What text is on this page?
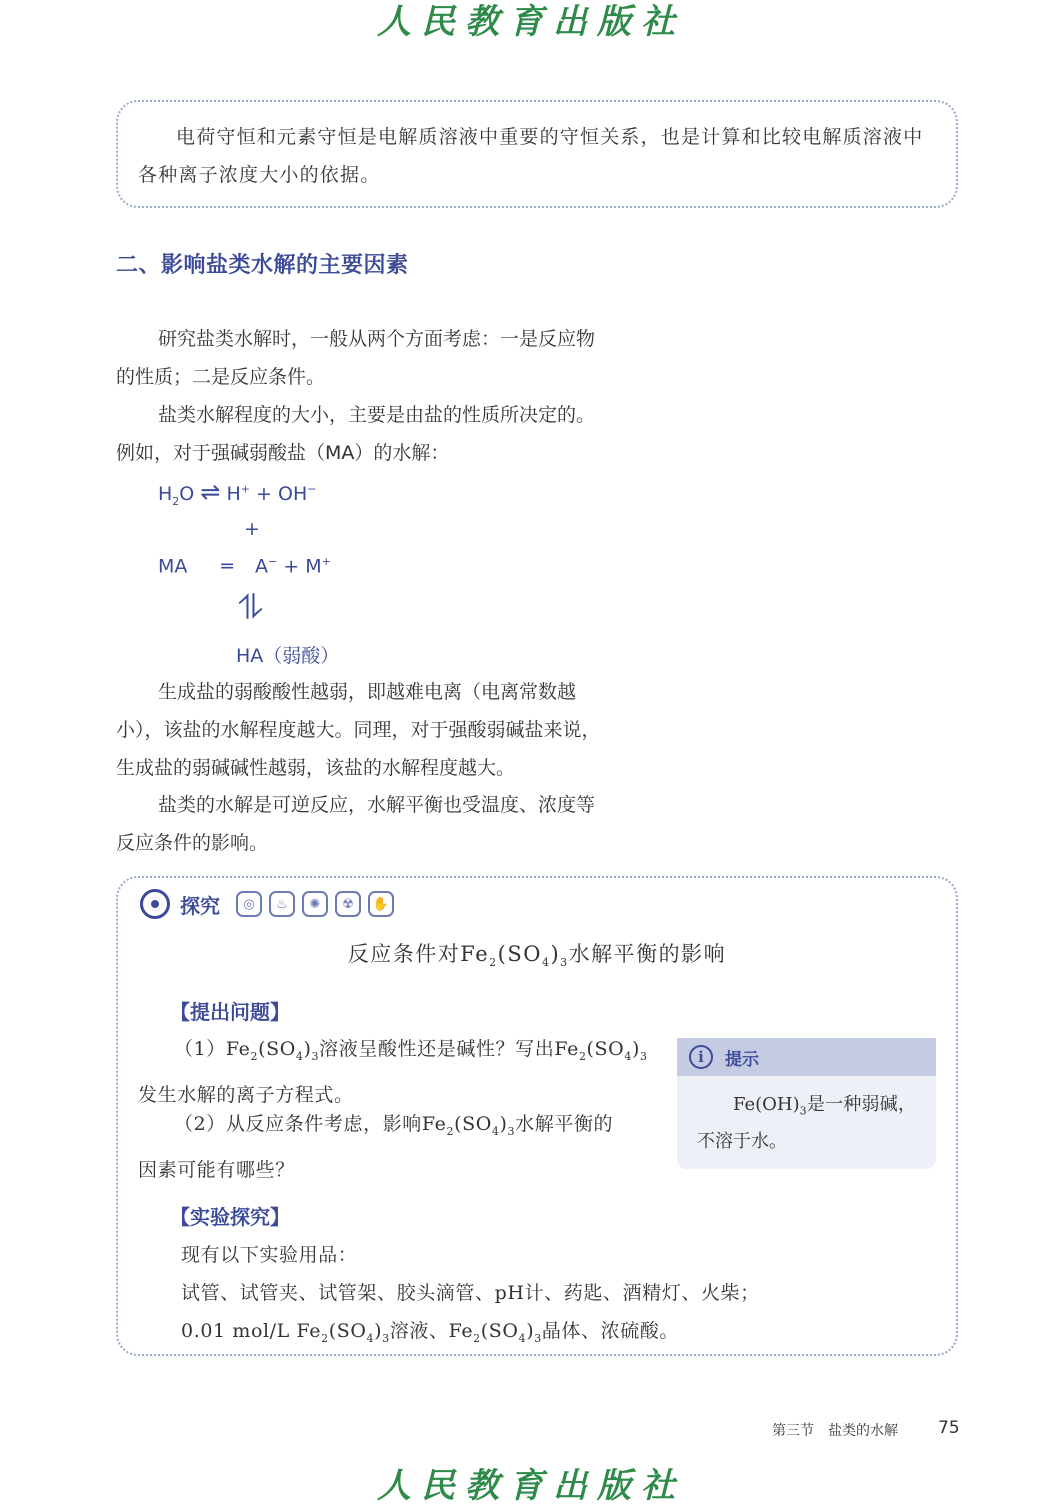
人民教育出版社

电荷守恒和元素守恒是电解质溶液中重要的守恒关系，也是计算和比较电解质溶液中各种离子浓度大小的依据。

二、影响盐类水解的主要因素

研究盐类水解时，一般从两个方面考虑：一是反应物
的性质；二是反应条件。

盐类水解程度的大小，主要是由盐的性质所决定的。
例如，对于强碱弱酸盐（MA）的水解：

$H_2O$ ⇌ H+ + OH−
+
MA ═ A− + M+
⥮
HA（弱酸）

生成盐的弱酸酸性越弱，即越难电离（电离常数越
小），该盐的水解程度越大。同理，对于强酸弱碱盐来说，
生成盐的弱碱碱性越弱，该盐的水解程度越大。

盐类的水解是可逆反应，水解平衡也受温度、浓度等
反应条件的影响。

探究	◎	♨	✺	☢	✋
反应条件对$Fe_2(SO_4)_3$水解平衡的影响
【提出问题】

$(1)Fe_2(SO_4)_3$溶液呈酸性还是碱性？写出$Fe_2(SO_4)_3$
发生水解的离子方程式。

（2）从反应条件考虑，影响$Fe_2(SO_4)_3$水解平衡的
因素可能有哪些？

i	提示

$Fe(OH)_3$是一种弱碱，不溶于水。

【实验探究】
现有以下实验用品：
试管、试管夹、试管架、胶头滴管、pH计、药匙、酒精灯、火柴；
0.01 mol/L $Fe_2(SO_4)_3$溶液、$Fe_2(SO_4)_3$晶体、浓硫酸。
第三节　盐类的水解 75
人民教育出版社
